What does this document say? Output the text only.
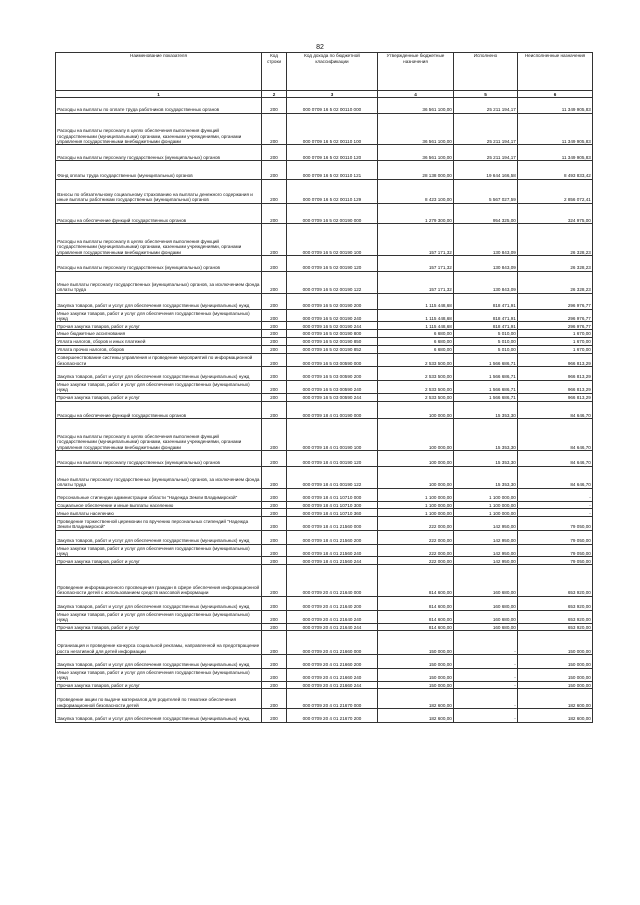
82
Наименование показателя	Код строки	Код дохода по бюджетной классификации	Утвержденные бюджетные назначения	Исполнено	Неисполненные назначения
1	2	3	4	5	6
Расходы на выплаты по оплате труда работников государственных органов	200	000 0709 16 5 02 00110 000	36 561 100,00	25 211 194,17	11 349 905,83
Расходы на выплаты персоналу в целях обеспечения выполнения функций государственными (муниципальными) органами, казенными учреждениями, органами управления государственными внебюджетными фондами	200	000 0709 16 5 02 00110 100	36 561 100,00	25 211 194,17	11 349 905,83
Расходы на выплаты персоналу государственных (муниципальных) органов	200	000 0709 16 5 02 00110 120	36 561 100,00	25 211 194,17	11 349 905,83
Фонд оплаты труда государственных (муниципальных) органов	200	000 0709 16 5 02 00110 121	28 138 000,00	19 644 166,58	8 493 833,42
Взносы по обязательному социальному страхованию на выплаты денежного содержания и иные выплаты работникам государственных (муниципальных) органов	200	000 0709 16 5 02 00110 129	8 423 100,00	5 567 027,59	2 856 072,41
Расходы на обеспечение функций государственных органов	200	000 0709 16 5 02 00190 000	1 279 300,00	954 325,00	324 975,00
Расходы на выплаты персоналу в целях обеспечения выполнения функций государственными (муниципальными) органами, казенными учреждениями, органами управления государственными внебюджетными фондами	200	000 0709 16 5 02 00190 100	157 171,32	130 843,09	26 328,23
Расходы на выплаты персоналу государственных (муниципальных) органов	200	000 0709 16 5 02 00190 120	157 171,32	130 843,09	26 328,23
Иные выплаты персоналу государственных (муниципальных) органов, за исключением фонда оплаты труда	200	000 0709 16 5 02 00190 122	157 171,32	130 843,09	26 328,23
Закупка товаров, работ и услуг для обеспечения государственных (муниципальных) нужд	200	000 0709 16 5 02 00190 200	1 115 448,68	818 471,91	296 976,77
Иные закупки товаров, работ и услуг для обеспечения государственных (муниципальных) нужд	200	000 0709 16 5 02 00190 240	1 115 448,68	818 471,91	296 976,77
Прочая закупка товаров, работ и услуг	200	000 0709 16 5 02 00190 244	1 115 448,68	818 471,91	296 976,77
Иные бюджетные ассигнования	200	000 0709 16 5 02 00190 800	6 680,00	5 010,00	1 670,00
Уплата налогов, сборов и иных платежей	200	000 0709 16 5 02 00190 850	6 680,00	5 010,00	1 670,00
Уплата прочих налогов, сборов	200	000 0709 16 5 02 00190 852	6 680,00	5 010,00	1 670,00
Совершенствование системы управления и проведение мероприятий по информационной безопасности	200	000 0709 16 5 03 00590 000	2 533 500,00	1 566 686,71	966 813,29
Закупка товаров, работ и услуг для обеспечения государственных (муниципальных) нужд	200	000 0709 16 5 03 00590 200	2 533 500,00	1 566 686,71	966 813,29
Иные закупки товаров, работ и услуг для обеспечения государственных (муниципальных) нужд	200	000 0709 16 5 03 00590 240	2 533 500,00	1 566 686,71	966 813,29
Прочая закупка товаров, работ и услуг	200	000 0709 16 5 03 00590 244	2 533 500,00	1 566 686,71	966 813,29
Расходы на обеспечение функций государственных органов	200	000 0709 18 4 01 00190 000	100 000,00	15 353,30	84 646,70
Расходы на выплаты персоналу в целях обеспечения выполнения функций государственными (муниципальными) органами, казенными учреждениями, органами управления государственными внебюджетными фондами	200	000 0709 18 4 01 00190 100	100 000,00	15 353,30	84 646,70
Расходы на выплаты персоналу государственных (муниципальных) органов	200	000 0709 18 4 01 00190 120	100 000,00	15 353,30	84 646,70
Иные выплаты персоналу государственных (муниципальных) органов, за исключением фонда оплаты труда	200	000 0709 18 4 01 00190 122	100 000,00	15 353,30	84 646,70
Персональные стипендии администрации области "Надежда Земли Владимирской"	200	000 0709 18 4 01 10710 000	1 100 000,00	1 100 000,00	-
Социальное обеспечение и иные выплаты населению	200	000 0709 18 4 01 10710 300	1 100 000,00	1 100 000,00	-
Иные выплаты населению	200	000 0709 18 4 01 10710 360	1 100 000,00	1 100 000,00	-
Проведение торжественной церемонии по вручению персональных стипендий "Надежда Земли Владимирской"	200	000 0709 18 4 01 21560 000	222 000,00	142 950,00	79 050,00
Закупка товаров, работ и услуг для обеспечения государственных (муниципальных) нужд	200	000 0709 18 4 01 21560 200	222 000,00	142 950,00	79 050,00
Иные закупки товаров, работ и услуг для обеспечения государственных (муниципальных) нужд	200	000 0709 18 4 01 21560 240	222 000,00	142 950,00	79 050,00
Прочая закупка товаров, работ и услуг	200	000 0709 18 4 01 21560 244	222 000,00	142 950,00	79 050,00
Проведение информационного просвещения граждан в сфере обеспечения информационной безопасности детей с использованием средств массовой информации	200	000 0709 20 4 01 21640 000	814 600,00	160 680,00	653 920,00
Закупка товаров, работ и услуг для обеспечения государственных (муниципальных) нужд	200	000 0709 20 4 01 21640 200	814 600,00	160 680,00	653 920,00
Иные закупки товаров, работ и услуг для обеспечения государственных (муниципальных) нужд	200	000 0709 20 4 01 21640 240	814 600,00	160 680,00	653 920,00
Прочая закупка товаров, работ и услуг	200	000 0709 20 4 01 21640 244	814 600,00	160 680,00	653 920,00
Организация и проведение конкурса социальной рекламы, направленной на предотвращение роста негативной для детей информации	200	000 0709 20 4 01 21660 000	150 000,00	-	150 000,00
Закупка товаров, работ и услуг для обеспечения государственных (муниципальных) нужд	200	000 0709 20 4 01 21660 200	150 000,00	-	150 000,00
Иные закупки товаров, работ и услуг для обеспечения государственных (муниципальных) нужд	200	000 0709 20 4 01 21660 240	150 000,00	-	150 000,00
Прочая закупка товаров, работ и услуг	200	000 0709 20 4 01 21660 244	150 000,00	-	150 000,00
Проведение акции по выдаче материалов для родителей по тематике обеспечения информационной безопасности детей	200	000 0709 20 4 01 21670 000	182 600,00	-	182 600,00
Закупка товаров, работ и услуг для обеспечения государственных (муниципальных) нужд	200	000 0709 20 4 01 21670 200	182 600,00	-	182 600,00
